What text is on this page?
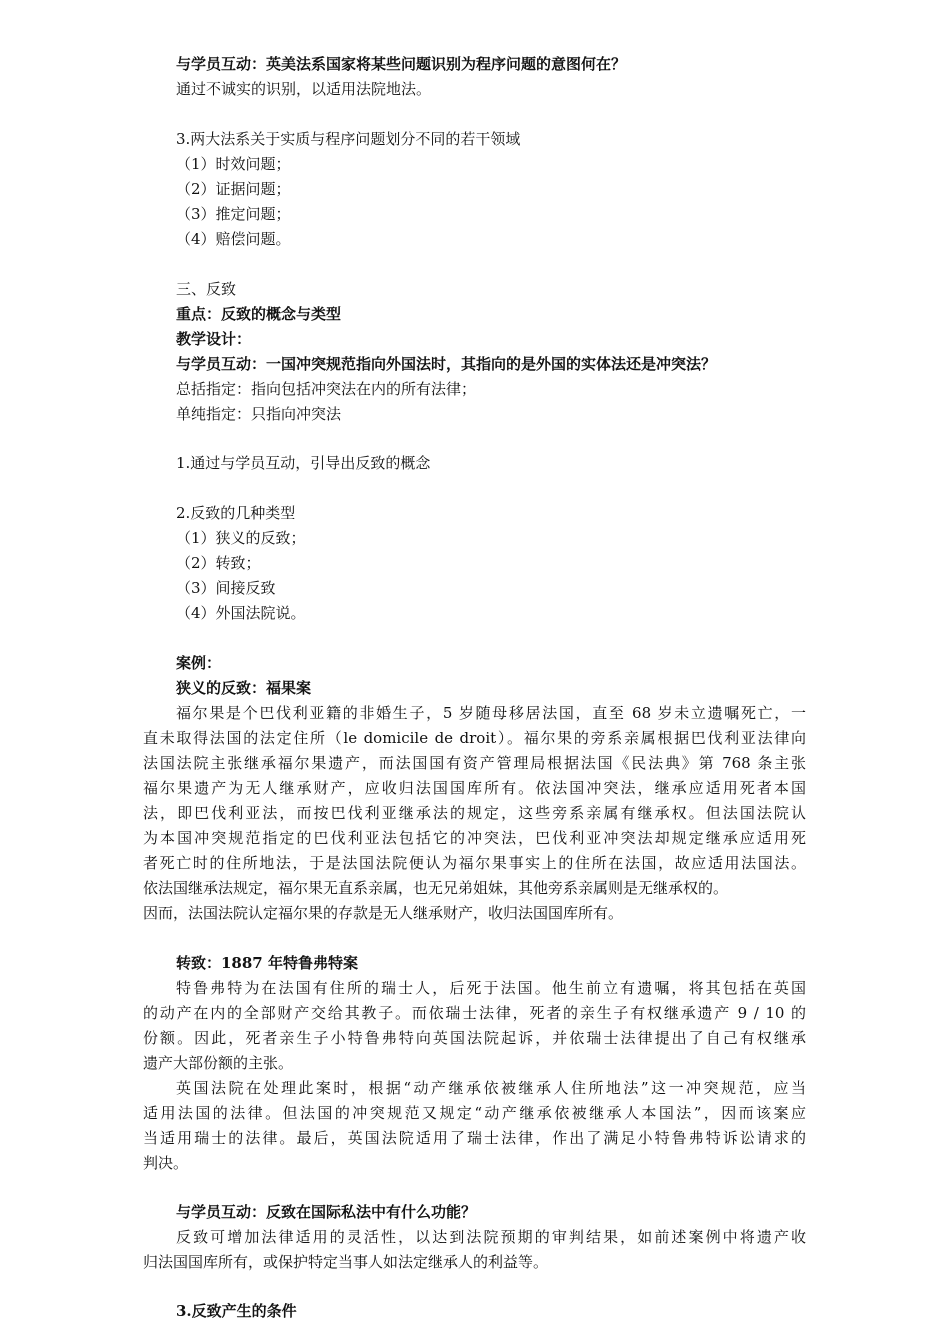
与学员互动：英美法系国家将某些问题识别为程序问题的意图何在？
通过不诚实的识别，以适用法院地法。
3.两大法系关于实质与程序问题划分不同的若干领域
（1）时效问题；
（2）证据问题；
（3）推定问题；
（4）赔偿问题。
三、反致
重点：反致的概念与类型
教学设计：
与学员互动：一国冲突规范指向外国法时，其指向的是外国的实体法还是冲突法？
总括指定：指向包括冲突法在内的所有法律；
单纯指定：只指向冲突法
1.通过与学员互动，引导出反致的概念
2.反致的几种类型
（1）狭义的反致；
（2）转致；
（3）间接反致
（4）外国法院说。
案例：
狭义的反致：福果案
福尔果是个巴伐利亚籍的非婚生子，5 岁随母移居法国，直至 68 岁未立遗嘱死亡，一
直未取得法国的法定住所（le domicile de droit）。福尔果的旁系亲属根据巴伐利亚法律向
法国法院主张继承福尔果遗产，而法国国有资产管理局根据法国《民法典》第 768 条主张
福尔果遗产为无人继承财产，应收归法国国库所有。依法国冲突法，继承应适用死者本国
法，即巴伐利亚法，而按巴伐利亚继承法的规定，这些旁系亲属有继承权。但法国法院认
为本国冲突规范指定的巴伐利亚法包括它的冲突法，巴伐利亚冲突法却规定继承应适用死
者死亡时的住所地法，于是法国法院便认为福尔果事实上的住所在法国，故应适用法国法。
依法国继承法规定，福尔果无直系亲属，也无兄弟姐妹，其他旁系亲属则是无继承权的。
因而，法国法院认定福尔果的存款是无人继承财产，收归法国国库所有。
转致：1887 年特鲁弗特案
特鲁弗特为在法国有住所的瑞士人，后死于法国。他生前立有遗嘱，将其包括在英国
的动产在内的全部财产交给其教子。而依瑞士法律，死者的亲生子有权继承遗产 9 / 10 的
份额。因此，死者亲生子小特鲁弗特向英国法院起诉，并依瑞士法律提出了自己有权继承
遗产大部份额的主张。
英国法院在处理此案时，根据“动产继承依被继承人住所地法”这一冲突规范，应当
适用法国的法律。但法国的冲突规范又规定“动产继承依被继承人本国法”，因而该案应
当适用瑞士的法律。最后，英国法院适用了瑞士法律，作出了满足小特鲁弗特诉讼请求的
判决。
与学员互动：反致在国际私法中有什么功能？
反致可增加法律适用的灵活性，以达到法院预期的审判结果，如前述案例中将遗产收
归法国国库所有，或保护特定当事人如法定继承人的利益等。
3.反致产生的条件
